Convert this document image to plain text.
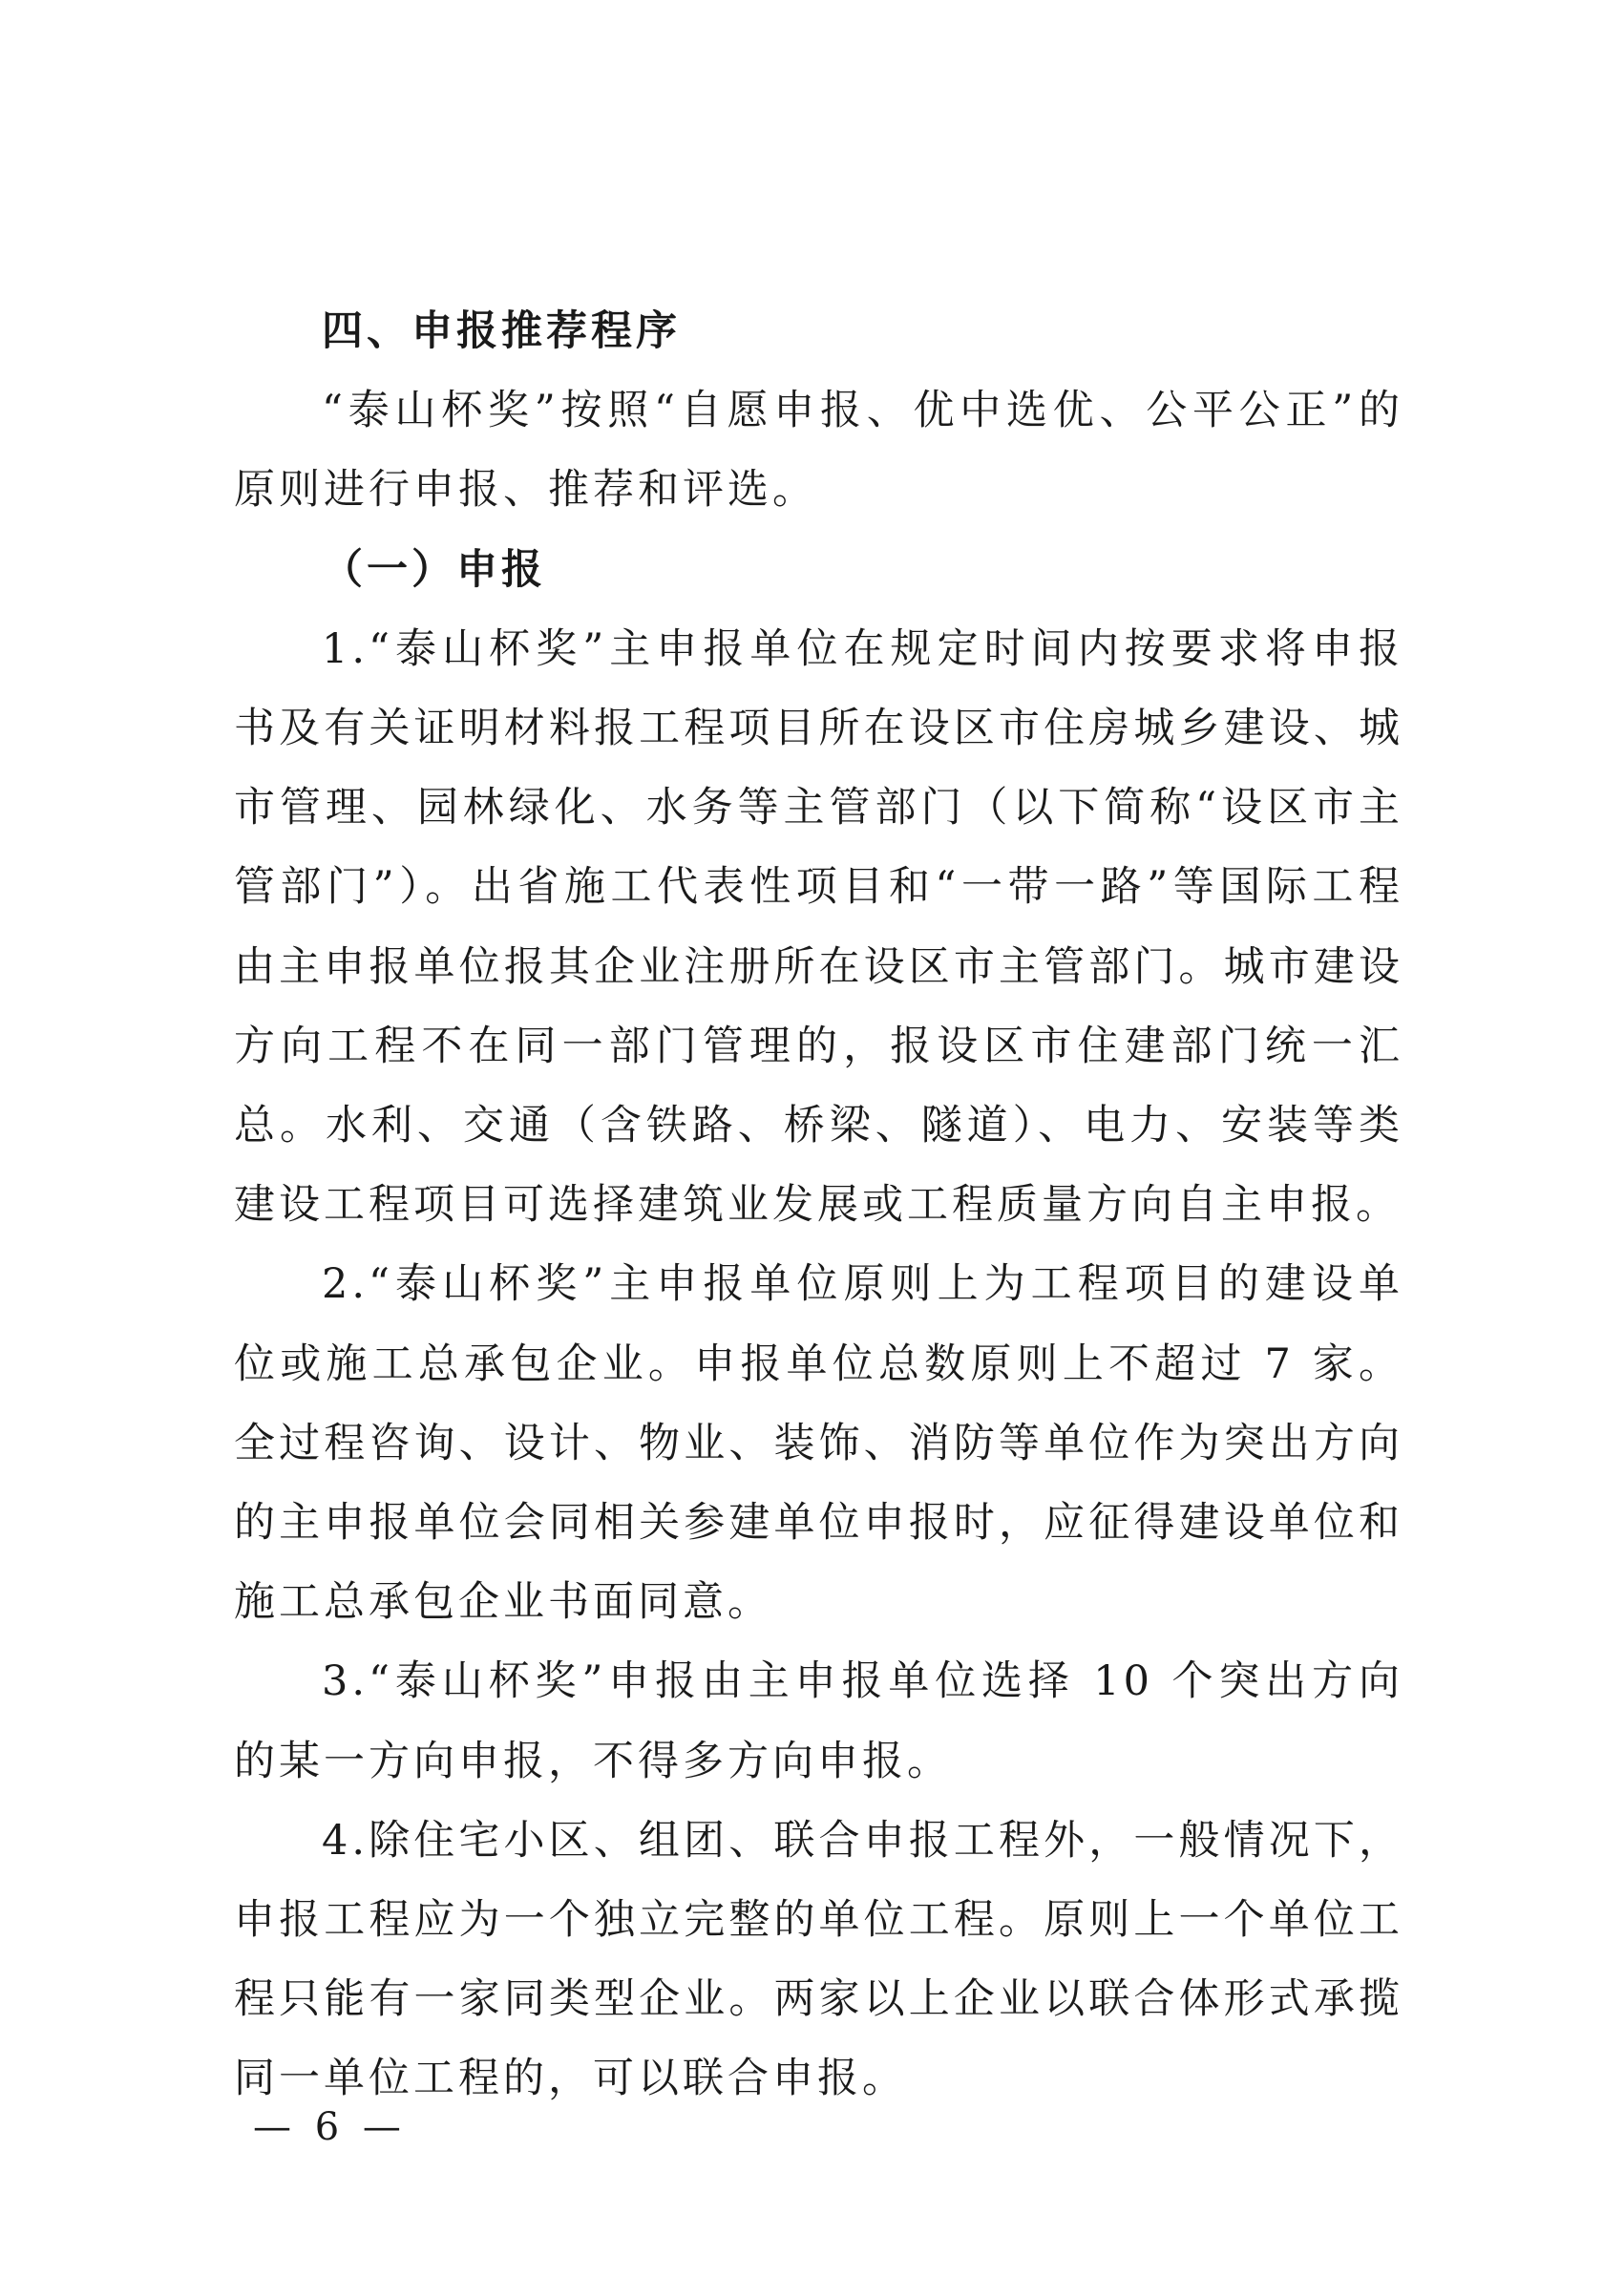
四、申报推荐程序

“泰山杯奖”按照“自愿申报、优中选优、公平公正”的原则进行申报、推荐和评选。

（一）申报

1.“泰山杯奖”主申报单位在规定时间内按要求将申报书及有关证明材料报工程项目所在设区市住房城乡建设、城市管理、园林绿化、水务等主管部门（以下简称“设区市主管部门”）。出省施工代表性项目和“一带一路”等国际工程由主申报单位报其企业注册所在设区市主管部门。城市建设方向工程不在同一部门管理的，报设区市住建部门统一汇总。水利、交通（含铁路、桥梁、隧道）、电力、安装等类建设工程项目可选择建筑业发展或工程质量方向自主申报。

2.“泰山杯奖”主申报单位原则上为工程项目的建设单位或施工总承包企业。申报单位总数原则上不超过 7 家。全过程咨询、设计、物业、装饰、消防等单位作为突出方向的主申报单位会同相关参建单位申报时，应征得建设单位和施工总承包企业书面同意。

3.“泰山杯奖”申报由主申报单位选择 10 个突出方向的某一方向申报，不得多方向申报。

4.除住宅小区、组团、联合申报工程外，一般情况下，申报工程应为一个独立完整的单位工程。原则上一个单位工程只能有一家同类型企业。两家以上企业以联合体形式承揽同一单位工程的，可以联合申报。

— 6 —
